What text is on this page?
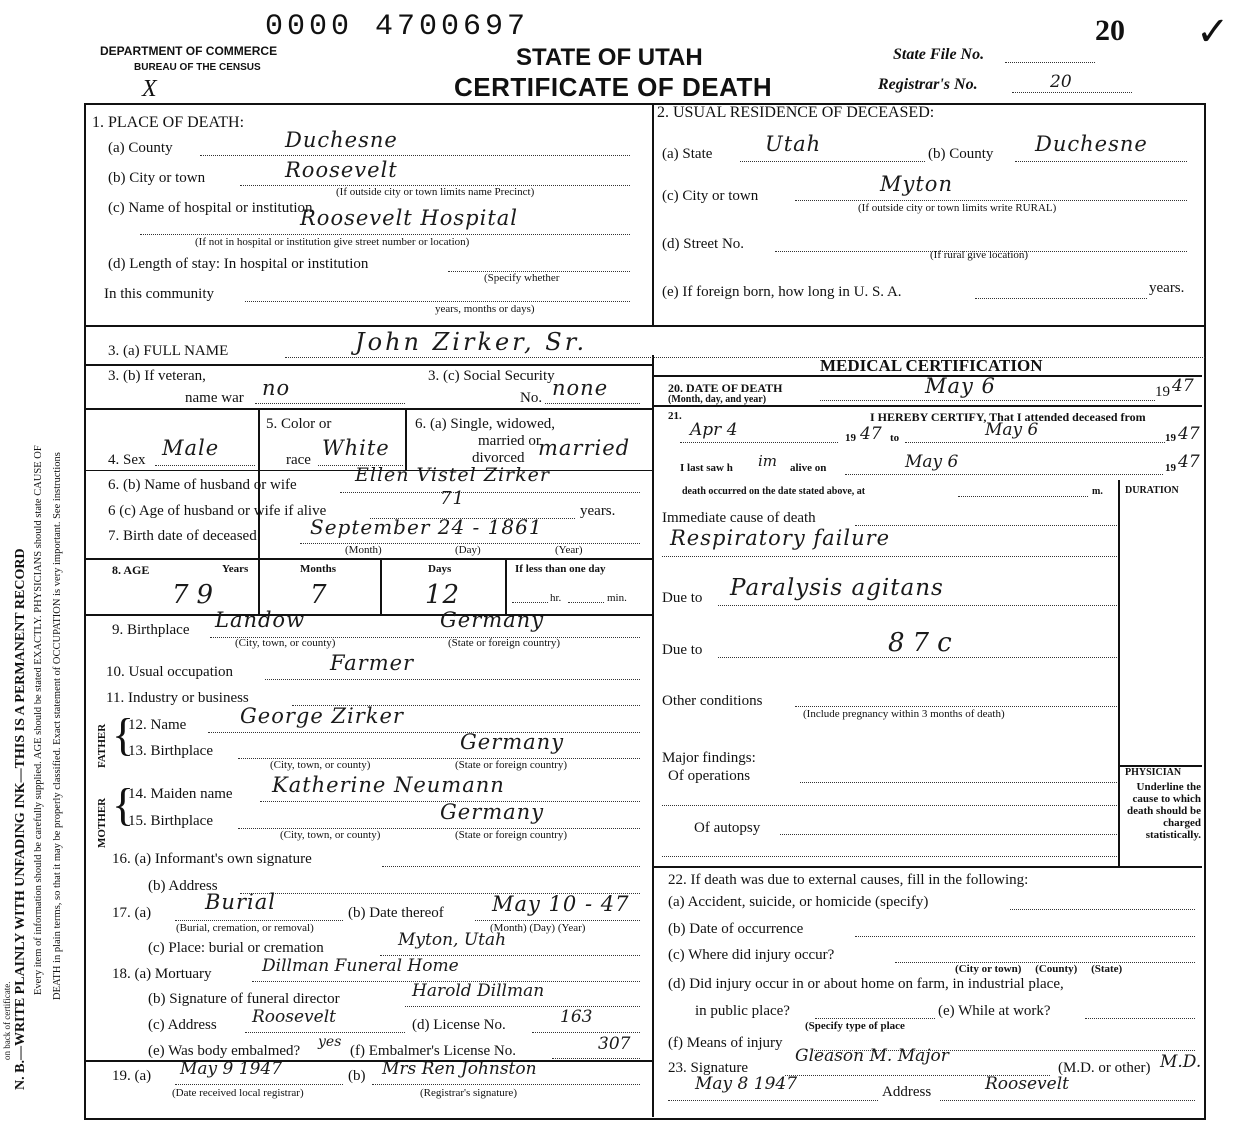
on back of certificate.
DEATH in plain terms, so that it may be properly classified. Exact statement of OCCUPATION is very important. See instructions
Every item of information should be carefully supplied. AGE should be stated EXACTLY. PHYSICIANS should state CAUSE OF
N. B.—WRITE PLAINLY WITH UNFADING INK—THIS IS A PERMANENT RECORD
0000 4700697
DEPARTMENT OF COMMERCE
BUREAU OF THE CENSUS
X
STATE OF UTAH
CERTIFICATE OF DEATH
20 ✓
State File No.
Registrar's No.	20
1. PLACE OF DEATH:
(a) County	Duchesne
(b) City or town	Roosevelt
(If outside city or town limits name Precinct)
(c) Name of hospital or institution
Roosevelt Hospital
(If not in hospital or institution give street number or location)
(d) Length of stay: In hospital or institution
(Specify whether
In this community
years, months or days)
2. USUAL RESIDENCE OF DECEASED:
(a) State	Utah	(b) County Duchesne
(c) City or town	Myton
(If outside city or town limits write RURAL)
(d) Street No.
(If rural give location)
(e) If foreign born, how long in U. S. A.	years.
3. (a) FULL NAME	John Zirker, Sr.
3. (b) If veteran,
name war no	3. (c) Social Security
No. none
4. Sex Male
5. Color or
race White
6. (a) Single, widowed,
married or
divorced married
6. (b) Name of husband or wife	Ellen Vistel Zirker
6 (c) Age of husband or wife if alive
71
years.
7. Birth date of deceased	September 24 - 1861
(Month)	(Day)	(Year)
8. AGE	Years	Months	Days	If less than one day
79	7	12	hr.	min.
9. Birthplace Landow	Germany
(City, town, or county)	(State or foreign country)
10. Usual occupation	Farmer
11. Industry or business
FATHER
MOTHER
{
{
12. Name	George Zirker
13. Birthplace	Germany
(City, town, or county)	(State or foreign country)
14. Maiden name Katherine Neumann
15. Birthplace	Germany
(City, town, or county)	(State or foreign country)
16. (a) Informant's own signature
(b) Address
17. (a)	Burial
(Burial, cremation, or removal)
(b) Date thereof May 10 - 47
(Month) (Day) (Year)
(c) Place: burial or cremation	Myton, Utah
18. (a) Mortuary	Dillman Funeral Home
(b) Signature of funeral director	Harold Dillman
(c) Address Roosevelt	(d) License No.	163
(e) Was body embalmed?
yes
(f) Embalmer's License No.	307
19. (a) May 9 1947	(b) Mrs Ren Johnston
(Date received local registrar)	(Registrar's signature)
MEDICAL CERTIFICATION
20. DATE OF DEATH
(Month, day, and year)
May 6	19 47
21.	I HEREBY CERTIFY, That I attended deceased from
Apr 4	19 47 to	May 6	19 47
I last saw h im alive on	May 6	19 47
death occurred on the date stated above, at	m. DURATION
Immediate cause of death
Respiratory failure
Due to Paralysis agitans
Due to	87c
Other conditions
(Include pregnancy within 3 months of death)
Major findings:
Of operations
Of autopsy
PHYSICIAN
Underline the cause to which death should be charged statistically.
22. If death was due to external causes, fill in the following:
(a) Accident, suicide, or homicide (specify)
(b) Date of occurrence
(c) Where did injury occur?
(City or town)     (County)     (State)
(d) Did injury occur in or about home on farm, in industrial place,
in public place?	(e) While at work?
(Specify type of place
(f) Means of injury
23. Signature
Gleason M. Major
(M.D. or other) M.D.
May 8 1947	Address	Roosevelt
